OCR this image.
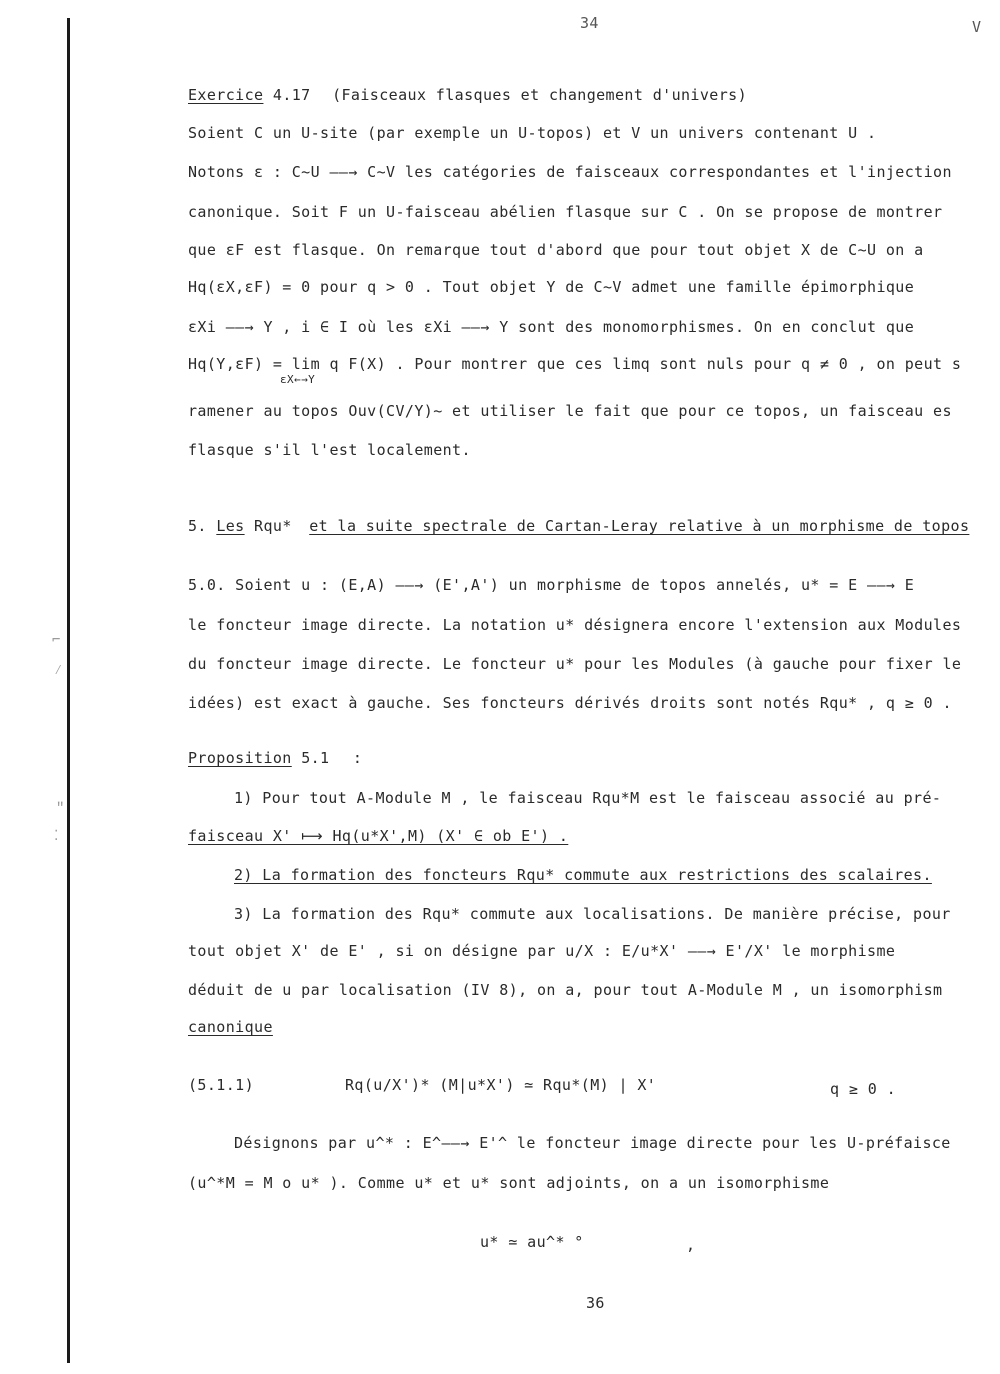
⌐
⁄
ʺ
⁚
34	V
Exercice 4.17 (Faisceaux flasques et changement d'univers)
Soient C un U-site (par exemple un U-topos) et V un univers contenant U .
Notons ε : C~U ——→ C~V les catégories de faisceaux correspondantes et l'injection
canonique. Soit F un U-faisceau abélien flasque sur C . On se propose de montrer
que εF est flasque. On remarque tout d'abord que pour tout objet X de C~U on a
Hq(εX,εF) = 0 pour q > 0 . Tout objet Y de C~V admet une famille épimorphique
εXi ——→ Y , i ∈ I où les εXi ——→ Y sont des monomorphismes. On en conclut que
Hq(Y,εF) = lim q F(X) . Pour montrer que ces limq sont nuls pour q ≠ 0 , on peut s
εX←→Y
ramener au topos Ouv(CV/Y)~ et utiliser le fait que pour ce topos, un faisceau es
flasque s'il l'est localement.
5. Les Rqu* et la suite spectrale de Cartan-Leray relative à un morphisme de topos
5.0. Soient u : (E,A) ——→ (E',A') un morphisme de topos annelés, u* = E ——→ E
le foncteur image directe. La notation u* désignera encore l'extension aux Modules
du foncteur image directe. Le foncteur u* pour les Modules (à gauche pour fixer le
idées) est exact à gauche. Ses foncteurs dérivés droits sont notés Rqu* , q ≥ 0 .
Proposition 5.1 :
1) Pour tout A-Module M , le faisceau Rqu*M est le faisceau associé au pré-
faisceau X' ⟼ Hq(u*X',M) (X' ∈ ob E') .
2) La formation des foncteurs Rqu* commute aux restrictions des scalaires.
3) La formation des Rqu* commute aux localisations. De manière précise, pour
tout objet X' de E' , si on désigne par u/X : E/u*X' ——→ E'/X' le morphisme
déduit de u par localisation (IV 8), on a, pour tout A-Module M , un isomorphism
canonique
(5.1.1)	Rq(u/X')* (M|u*X') ≃ Rqu*(M) | X'	q ≥ 0 .
Désignons par u^* : E^——→ E'^ le foncteur image directe pour les U-préfaisce
(u^*M = M o u* ). Comme u* et u* sont adjoints, on a un isomorphisme
u* ≃ au^* °	,
36
